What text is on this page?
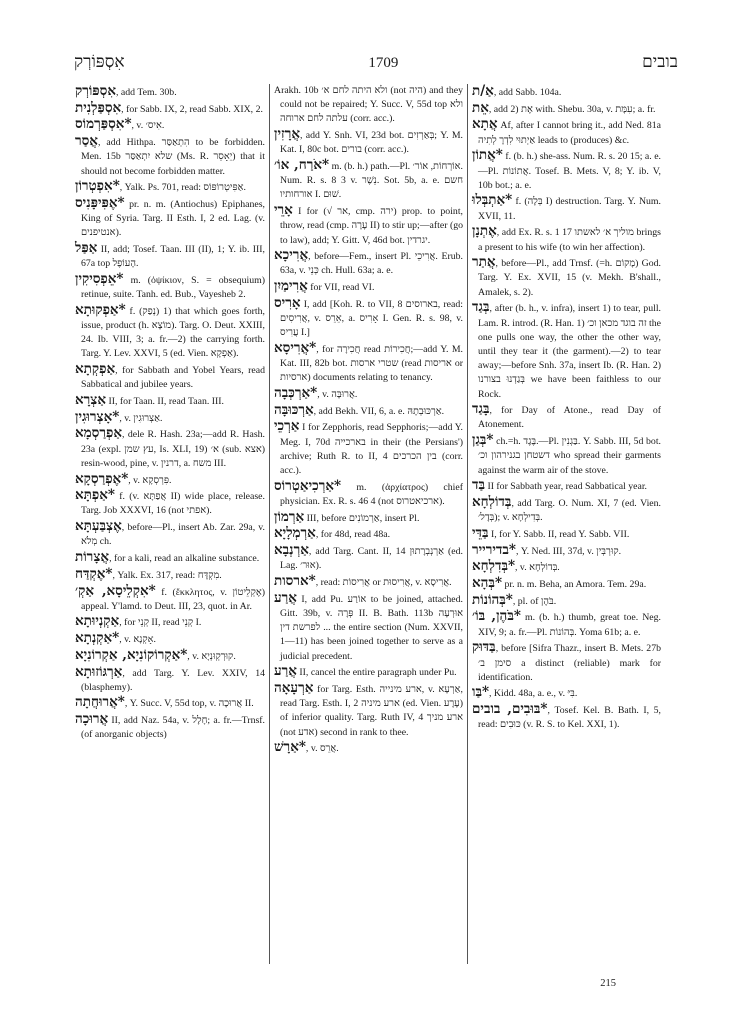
אִסְפּוֹרְק	1709	בובים

אִסְפּוֹרְק, add Tem. 30b.

אִסְפַּלְנִית, for Sabb. IX, 2, read Sabb. XIX, 2.

*אִסְפַּרְמוֹס, v. אִיס׳.

אֲסַר, add Hithpa. הִתְאַסַּר to be forbidden. Men. 15b שלא יִתְאַסַּר (Ms. R. יֵאָסֵר) that it should not become forbidden matter.

*אִפְטְרוֹן, Yalk. Ps. 701, read: אַפִּיטְרוֹפּוֹס.

*אֶפִּיפָּנִיס pr. n. m. (Antiochus) Epiphanes, King of Syria. Targ. II Esth. I, 2 ed. Lag. (v. אנטיפנים).

אַפַּל II, add; Tosef. Taan. III (II), 1; Y. ib. III, 67a top הָעוֹפֶל.

*אֵפְסִיקִין m. (ὀψίκιον, S. = obsequium) retinue, suite. Tanh. ed. Bub., Vayesheb 2.

*אַפְקוּתָא f. (נְפַק) 1) that which goes forth, issue, product (h. מוֹצָא). Targ. O. Deut. XXIII, 24. Ib. VIII, 3; a. fr.—2) the carrying forth. Targ. Y. Lev. XXVI, 5 (ed. Vien. אַפְקָא).

אַפְקְתָא, for Sabbath and Yobel Years, read Sabbatical and jubilee years.

אַצְרָא II, for Taan. II, read Taan. III.

*אָצְרוּגִין, v. אַצְרוּגִין.

אַפְרַסְמָא, dele R. Hash. 23a;—add R. Hash. 23a (expl. עץ שמן, Is. XLI, 19) א׳ (sub. אצא) resin-wood, pine, v. דרנין, a. משח III.

*אֶפְרַסְקָא, v. פִּרְסְקָא.

*אַפְתָּא f. (v. אֲפַתָּא II) wide place, release. Targ. Job XXXVI, 16 (not אפתי).

אֶצְבַּעְתָּא, before—Pl., insert Ab. Zar. 29a, v. מְלֹא ch.

אֲצָרוֹת, for a kali, read an alkaline substance.

*אֶקְדַּח, Yalk. Ex. 317, read: מִקְדָּח.

*אִקְלֵיסָא, אַקְ׳ f. (ἔκκλητος, v. אֶקְלֵיטוֹן) appeal. Y'lamd. to Deut. III, 23, quot. in Ar.

אַקְנְיוּתָא, for קְנֵי II, read קְנֵי I.

*אַקְנְתָא, v. אָקְנָא.

*אַקְרוֹקוֹנִיָא, אַקְרוֹנִיָא, v. קוּרְקְוּנְיָא.

אַרְגּוֹזוּתָא, add Targ. Y. Lev. XXIV, 14 (blasphemy).

*אֲרוּחֲתָה, Y. Succ. V, 55d top, v. אֲרוּכָה II.

אֲרוּכָה II, add Naz. 54a, v. חָלָל; a. fr.—Trnsf. (of anorganic objects)

Arakh. 10b ולא היתה לחם א׳ (not היה) and they could not be repaired; Y. Succ. V, 55d top ולא עלתה לחם ארוחה (corr. acc.).

אֲרָזִין, add Y. Snh. VI, 23d bot. בְּאַרְזִים; Y. M. Kat. I, 80c bot. בורים (corr. acc.).

*אֹרַח, אוֹ׳ m. (b. h.) path.—Pl. אוֹרְחוֹת, אוֹר׳. Num. R. s. 8 3 v. נֵשֶׁר. Sot. 5b, a. e. חשם אורחותיו I. שׁוּם.

אָרֵי I for (√ אר, cmp. ירה) prop. to point, throw, read (cmp. עָרָה II) to stir up;—after (go to law), add; Y. Gitt. V, 46d bot. יגרדין.

אֲרִיכָא, before—Fem., insert Pl. אֲרִיכֵי. Erub. 63a, v. כְּנֵי ch. Hull. 63a; a. e.

אֲרִימַיִן for VII, read VI.

אָרִיס I, add [Koh. R. to VII, 8 בארוסים, read: אֲרִיסִים, v. אֵרֵס, a. אָרִיס I. Gen. R. s. 98, v. עֲרִיס I.]

*אֲרִיסָא, for חֲכִירָה read חֲכִירוֹת;—add Y. M. Kat. III, 82b bot. שטרי ארסות (read אריסות or ארסיות) documents relating to tenancy.

*אַרְכְּבָה, v. אֲרוּבָּה.

אַרְכּוּבָּה, add Bekh. VII, 6, a. e. אַרְכּוּבְתָהּ.

אַרְכֵי I for Zepphoris, read Sepphoris;—add Y. Meg. I, 70d בארכייה in their (the Persians') archive; Ruth R. to II, 4 בין הכרכים (corr. acc.).

*אַרְכִיאַטְרוֹס m. (ἀρχίατρος) chief physician. Ex. R. s. 46 4 (not ארכיאטרוס).

אַרְמוֹן III, before אַרְמוֹנִים, insert Pl.

אַרְמְלָיָא, for 48d, read 48a.

אַרְנְבָא, add Targ. Cant. II, 14 אַרְנְבְרָתוּן (ed. Lag. אוּר׳).

*ארסות, read: אֲרִיסוֹת or אֲרִיסוּת, v. אֲרִיסָא.

אֲרַע I, add Pu. אוֹרַע to be joined, attached. Gitt. 39b, v. פְּרָה II. B. Bath. 113b אוּרְעָה לפרשת דין ... the entire section (Num. XXVII, 1—11) has been joined together to serve as a judicial precedent.

אֲרַע II, cancel the entire paragraph under Pu.

אַרְעָאָה for Targ. Esth. ארע מינייה, v. אַרְעָא, read Targ. Esth. I, 2 ארע מיניה (ed. Vien. עֶרֶע) of inferior quality. Targ. Ruth IV, 4 ארע מניך (not אדע) second in rank to thee.

*אַרָשׁ, v. אֲרֵס.

אַ/ת, add Sabb. 104a.

אֵת, add 2) אֶת with. Shebu. 30a, v. עִמָּת; a. fr.

אֲתָא Af, after I cannot bring it., add Ned. 81a אַיְתוּי לִדְרָ לְתִיה leads to (produces) &c.

*אֲתוֹן f. (b. h.) she-ass. Num. R. s. 20 15; a. e.—Pl. אֲתוֹנוֹת. Tosef. B. Mets. V, 8; Y. ib. V, 10b bot.; a. e.

*אַתְבְּלוּ f. (בְּלָה I) destruction. Targ. Y. Num. XVII, 11.

אֶתְנָן, add Ex. R. s. 1 17 מוליך א׳ לאשתו brings a present to his wife (to win her affection).

אֲתַר, before—Pl., add Trnsf. (=h. מָקוֹם) God. Targ. Y. Ex. XVII, 15 (v. Mekh. B'shall., Amalek, s. 2).

בְּגַד, after (b. h., v. infra), insert 1) to tear, pull. Lam. R. introd. (R. Han. 1) זה בוגד מכאן וכ׳ the one pulls one way, the other the other way, until they tear it (the garment).—2) to tear away;—before Snh. 37a, insert Ib. (R. Han. 2) בְּגַדְנוּ בצורנו we have been faithless to our Rock.

בָּגַד, for Day of Atone., read Day of Atonement.

*בְּגַן ch.=h. בֶּגֶד.—Pl. בַּגְנִין. Y. Sabb. III, 5d bot. דשטחן בגנירהון וכ׳ who spread their garments against the warm air of the stove.

בַּד II for Sabbath year, read Sabbatical year.

בְּדוֹלְחָא, add Targ. O. Num. XI, 7 (ed. Vien. בְּדָל׳); v. בְּדִילְחָא.

בַּדֵּי I, for Y. Sabb. II, read Y. Sabb. VII.

*בדירייר, Y. Ned. III, 37d, v. קוּרְבְּין.

*בְּדִלְחָא, v. בְּדוֹלְחָא.

*בְּהָא pr. n. m. Beha, an Amora. Tem. 29a.

*בְּהוֹנוֹת, pl. of בֹּהֶן.

*בֹּהֶן, בּוֹ׳ m. (b. h.) thumb, great toe. Neg. XIV, 9; a. fr.—Pl. בְּהוֹנוֹת. Yoma 61b; a. e.

בַּדּוּק, before [Sifra Thazr., insert B. Mets. 27b סימן ב׳ a distinct (reliable) mark for identification.

*בַּו, Kidd. 48a, a. e., v. בִּיּ.

*בּוּבִים, בובים, Tosef. Kel. B. Bath. I, 5, read: כּוּבִים (v. R. S. to Kel. XXI, 1).

215
